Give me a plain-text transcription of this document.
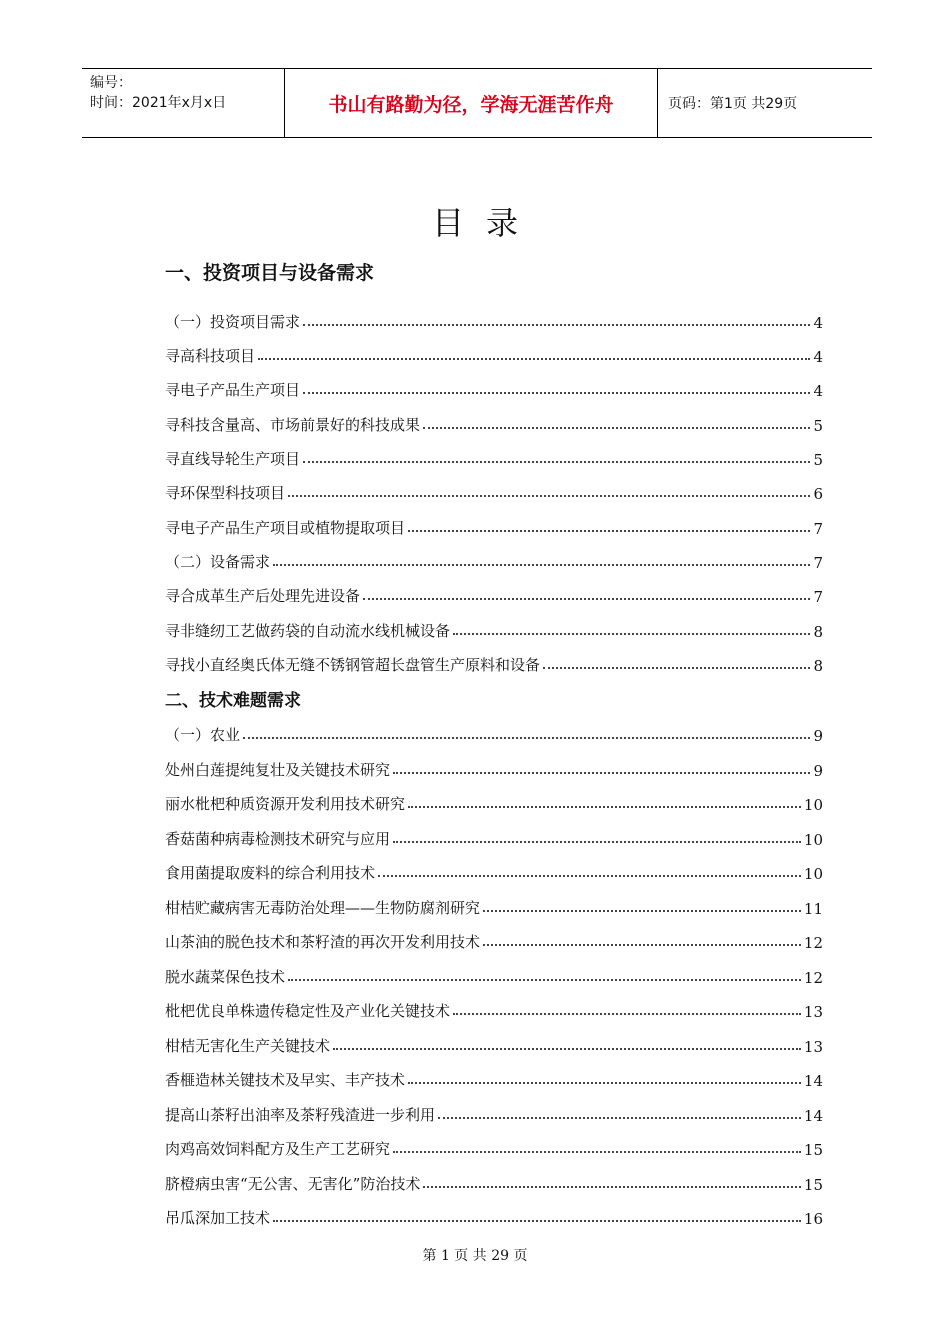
编号：
时间：2021年x月x日	书山有路勤为径，学海无涯苦作舟	页码：第1页 共29页
目录
一、投资项目与设备需求
（一）投资项目需求	4
寻高科技项目	4
寻电子产品生产项目	4
寻科技含量高、市场前景好的科技成果	5
寻直线导轮生产项目	5
寻环保型科技项目	6
寻电子产品生产项目或植物提取项目	7
（二）设备需求	7
寻合成革生产后处理先进设备	7
寻非缝纫工艺做药袋的自动流水线机械设备	8
寻找小直经奥氏体无缝不锈钢管超长盘管生产原料和设备	8
二、技术难题需求
（一）农业	9
处州白莲提纯复壮及关键技术研究	9
丽水枇杷种质资源开发利用技术研究	10
香菇菌种病毒检测技术研究与应用	10
食用菌提取废料的综合利用技术	10
柑桔贮藏病害无毒防治处理——生物防腐剂研究	11
山茶油的脱色技术和茶籽渣的再次开发利用技术	12
脱水蔬菜保色技术	12
枇杷优良单株遗传稳定性及产业化关键技术	13
柑桔无害化生产关键技术	13
香榧造林关键技术及早实、丰产技术	14
提高山茶籽出油率及茶籽残渣进一步利用	14
肉鸡高效饲料配方及生产工艺研究	15
脐橙病虫害“无公害、无害化”防治技术	15
吊瓜深加工技术	16
第 1 页 共 29 页
